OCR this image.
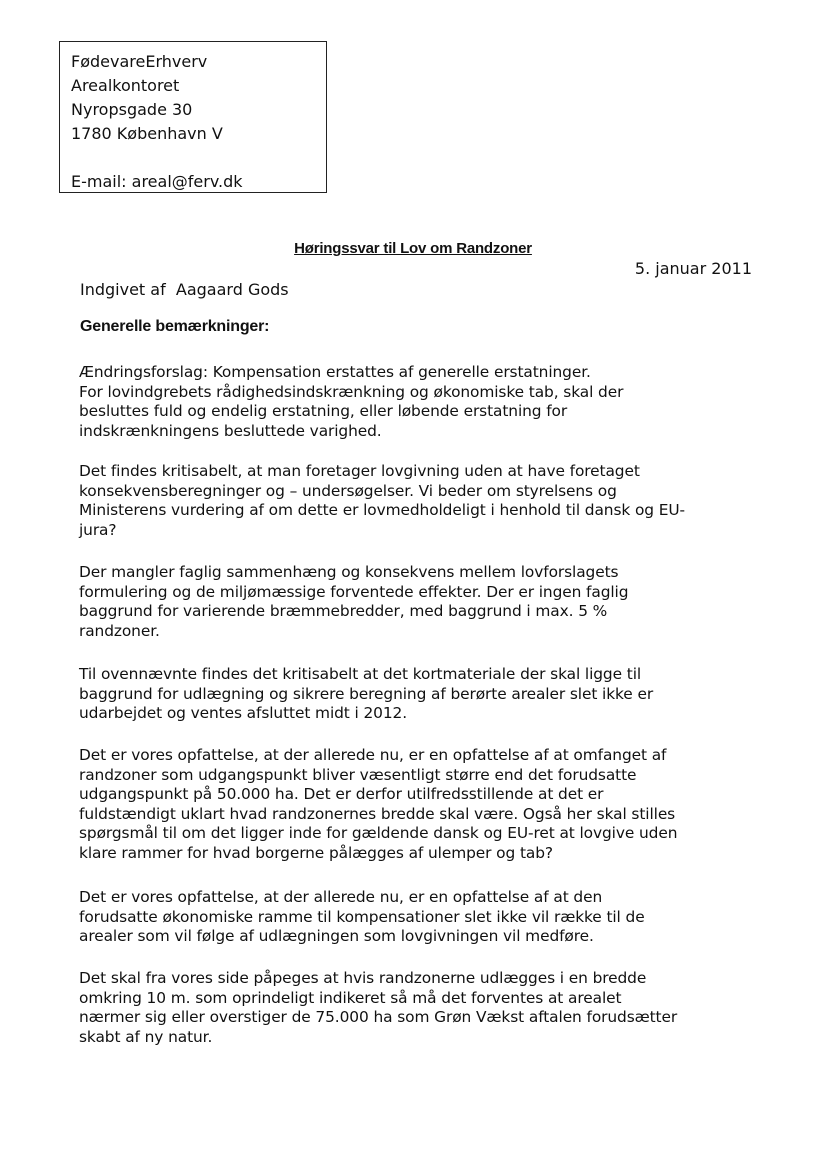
FødevareErhverv
Arealkontoret
Nyropsgade 30
1780 København V
E-mail: areal@ferv.dk
Høringssvar til Lov om Randzoner
5. januar 2011
Indgivet af  Aagaard Gods
Generelle bemærkninger:
Ændringsforslag: Kompensation erstattes af generelle erstatninger.
For lovindgrebets rådighedsindskrænkning og økonomiske tab, skal der
besluttes fuld og endelig erstatning, eller løbende erstatning for
indskrænkningens besluttede varighed.
Det findes kritisabelt, at man foretager lovgivning uden at have foretaget
konsekvensberegninger og – undersøgelser. Vi beder om styrelsens og
Ministerens vurdering af om dette er lovmedholdeligt i henhold til dansk og EU-
jura?
Der mangler faglig sammenhæng og konsekvens mellem lovforslagets
formulering og de miljømæssige forventede effekter. Der er ingen faglig
baggrund for varierende bræmmebredder, med baggrund i max. 5 %
randzoner.
Til ovennævnte findes det kritisabelt at det kortmateriale der skal ligge til
baggrund for udlægning og sikrere beregning af berørte arealer slet ikke er
udarbejdet og ventes afsluttet midt i 2012.
Det er vores opfattelse, at der allerede nu, er en opfattelse af at omfanget af
randzoner som udgangspunkt bliver væsentligt større end det forudsatte
udgangspunkt på 50.000 ha. Det er derfor utilfredsstillende at det er
fuldstændigt uklart hvad randzonernes bredde skal være. Også her skal stilles
spørgsmål til om det ligger inde for gældende dansk og EU-ret at lovgive uden
klare rammer for hvad borgerne pålægges af ulemper og tab?
Det er vores opfattelse, at der allerede nu, er en opfattelse af at den
forudsatte økonomiske ramme til kompensationer slet ikke vil række til de
arealer som vil følge af udlægningen som lovgivningen vil medføre.
Det skal fra vores side påpeges at hvis randzonerne udlægges i en bredde
omkring 10 m. som oprindeligt indikeret så må det forventes at arealet
nærmer sig eller overstiger de 75.000 ha som Grøn Vækst aftalen forudsætter
skabt af ny natur.
